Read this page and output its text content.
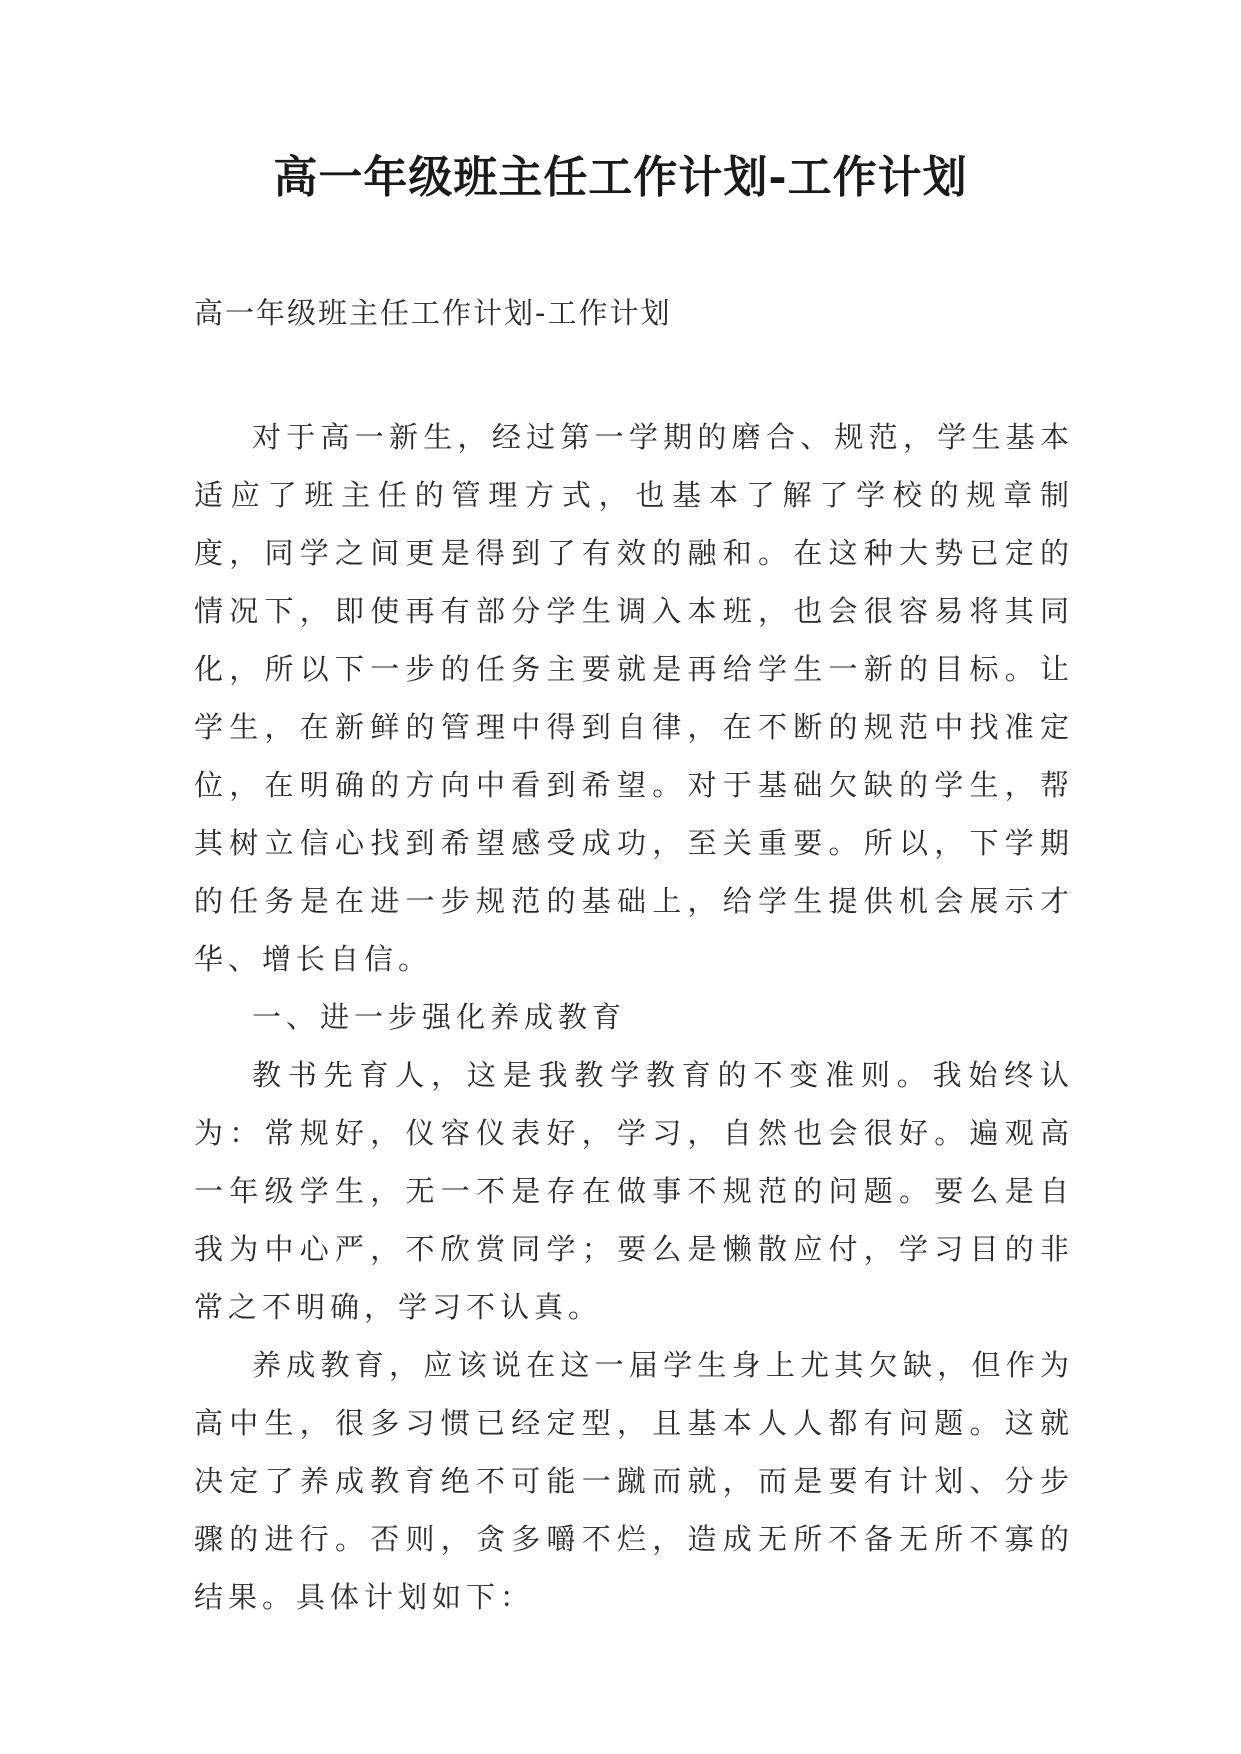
高一年级班主任工作计划-工作计划

高一年级班主任工作计划-工作计划

对于高一新生，经过第一学期的磨合、规范，学生基本适应了班主任的管理方式，也基本了解了学校的规章制度，同学之间更是得到了有效的融和。在这种大势已定的情况下，即使再有部分学生调入本班，也会很容易将其同化，所以下一步的任务主要就是再给学生一新的目标。让学生，在新鲜的管理中得到自律，在不断的规范中找准定位，在明确的方向中看到希望。对于基础欠缺的学生，帮其树立信心找到希望感受成功，至关重要。所以，下学期的任务是在进一步规范的基础上，给学生提供机会展示才华、增长自信。

一、进一步强化养成教育

教书先育人，这是我教学教育的不变准则。我始终认为：常规好，仪容仪表好，学习，自然也会很好。遍观高一年级学生，无一不是存在做事不规范的问题。要么是自我为中心严，不欣赏同学；要么是懒散应付，学习目的非常之不明确，学习不认真。

养成教育，应该说在这一届学生身上尤其欠缺，但作为高中生，很多习惯已经定型，且基本人人都有问题。这就决定了养成教育绝不可能一蹴而就，而是要有计划、分步骤的进行。否则，贪多嚼不烂，造成无所不备无所不寡的结果。具体计划如下：
